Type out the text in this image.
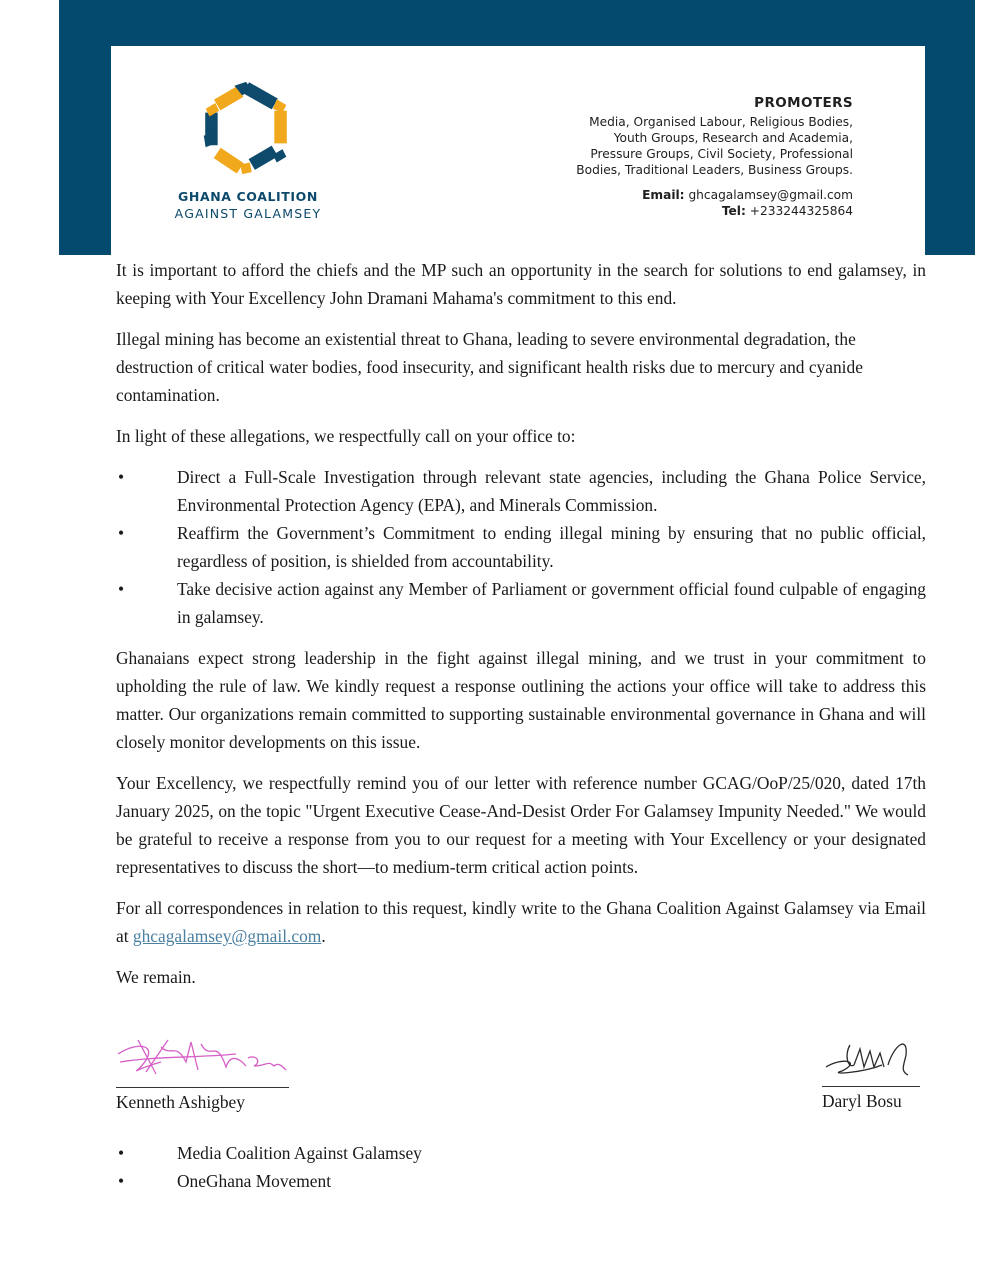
GHANA COALITION
AGAINST GALAMSEY
PROMOTERS
Media, Organised Labour, Religious Bodies,
Youth Groups, Research and Academia,
Pressure Groups, Civil Society, Professional
Bodies, Traditional Leaders, Business Groups.
Email: ghcagalamsey@gmail.com
Tel: +233244325864

It is important to afford the chiefs and the MP such an opportunity in the search for solutions to end galamsey, in keeping with Your Excellency John Dramani Mahama's commitment to this end.

Illegal mining has become an existential threat to Ghana, leading to severe environmental degradation, the destruction of critical water bodies, food insecurity, and significant health risks due to mercury and cyanide contamination.

In light of these allegations, we respectfully call on your office to:

•	Direct a Full-Scale Investigation through relevant state agencies, including the Ghana Police Service, Environmental Protection Agency (EPA), and Minerals Commission.
•	Reaffirm the Government’s Commitment to ending illegal mining by ensuring that no public official, regardless of position, is shielded from accountability.
•	Take decisive action against any Member of Parliament or government official found culpable of engaging in galamsey.

Ghanaians expect strong leadership in the fight against illegal mining, and we trust in your commitment to upholding the rule of law. We kindly request a response outlining the actions your office will take to address this matter. Our organizations remain committed to supporting sustainable environmental governance in Ghana and will closely monitor developments on this issue.

Your Excellency, we respectfully remind you of our letter with reference number GCAG/OoP/25/020, dated 17th January 2025, on the topic "Urgent Executive Cease-And-Desist Order For Galamsey Impunity Needed." We would be grateful to receive a response from you to our request for a meeting with Your Excellency or your designated representatives to discuss the short—to medium-term critical action points.

For all correspondences in relation to this request, kindly write to the Ghana Coalition Against Galamsey via Email at ghcagalamsey@gmail.com.

We remain.

Kenneth Ashigbey	Daryl Bosu
•	Media Coalition Against Galamsey
•	OneGhana Movement
